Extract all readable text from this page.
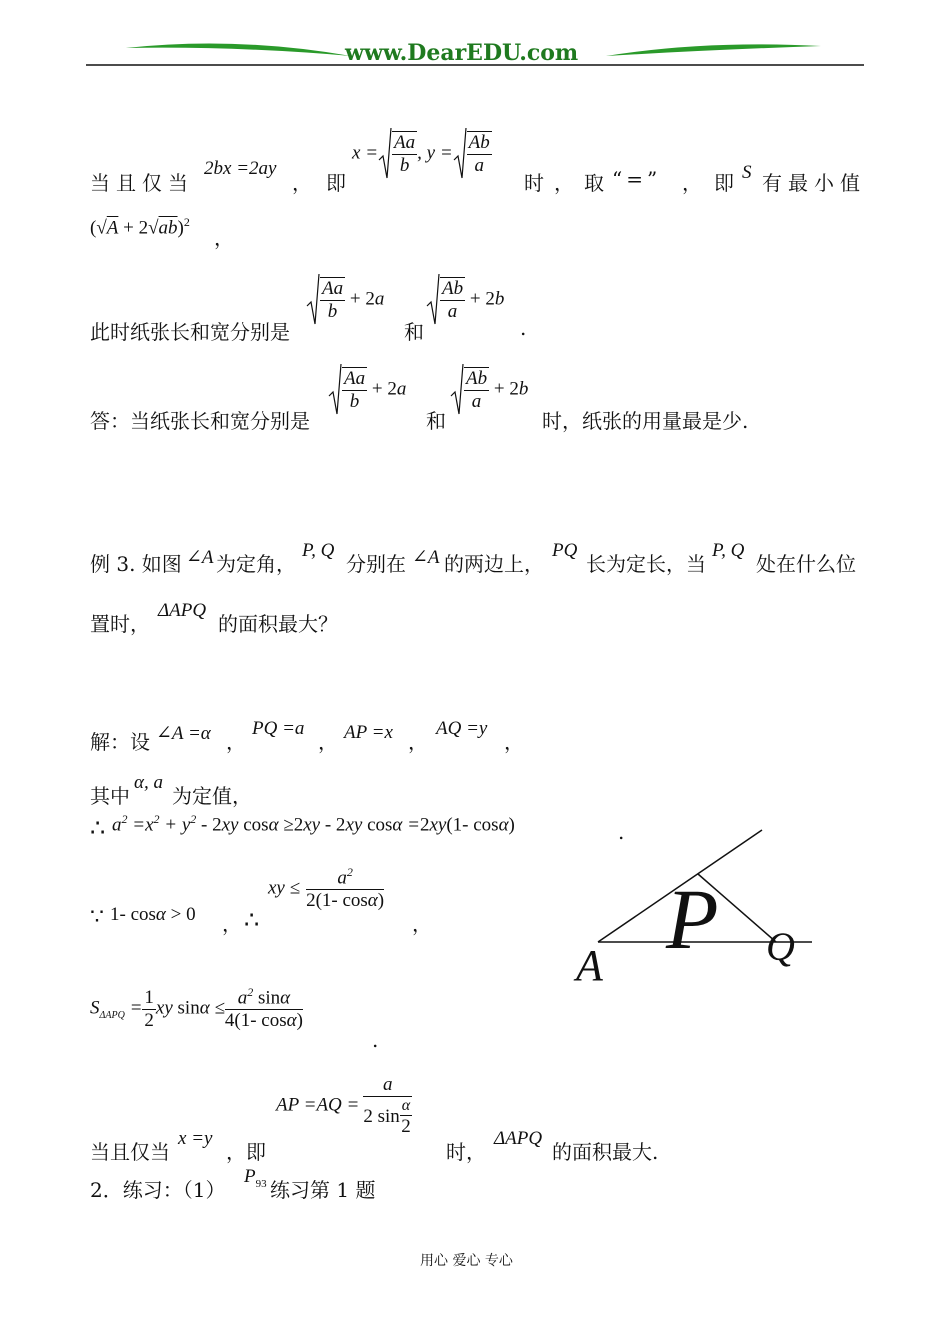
www.DearEDU.com
当且仅当
2bx =2ay
，即
$x = \frac{Aa}{b}$ , $y = \frac{Ab}{a}$
时，取
“=” ，即
S 有最小值
$(√A + 2√ab)^2$
，
此时纸张长和宽分别是
$\frac{Aa}{b} + 2a$
和
$\frac{Ab}{a} + 2b$
.
答：当纸张长和宽分别是
$\frac{Aa}{b} + 2a$
和
$\frac{Ab}{a} + 2b$
时，纸张的用量最是少.
例 3. 如图 ∠A 为定角，
P, Q
分别在 ∠A 的两边上，
PQ
长为定长，当
P, Q
处在什么位
置时，
ΔAPQ
的面积最大？
解：设 ∠A =α ，
PQ =a
， AP =x ，
AQ =y
，
其中
α, a
为定值，
∴ $a^2 =x^2 + y^2 - 2xy$ cosα ≥2xy - 2xy cosα =2xy(1- cosα)	.
∵ 1- cosα > 0 ， ∴
xy ≤ $\frac{a^2}{2(1- \cos\alpha)}$
，
$S_{\Delta APQ} = \frac{1}{2}$ xy $\sin\alpha \le \frac{a^2 \sin\alpha}{4(1- \cos\alpha)}$
.
AP $=AQ = \frac{a}{2 \sin \frac{\alpha}{2}}$
当且仅当
x =y
，即	时，
ΔAPQ
的面积最大.
2．练习：（1）
$P_{93}$ 练习第 1 题
A P Q
用心 爱心 专心
